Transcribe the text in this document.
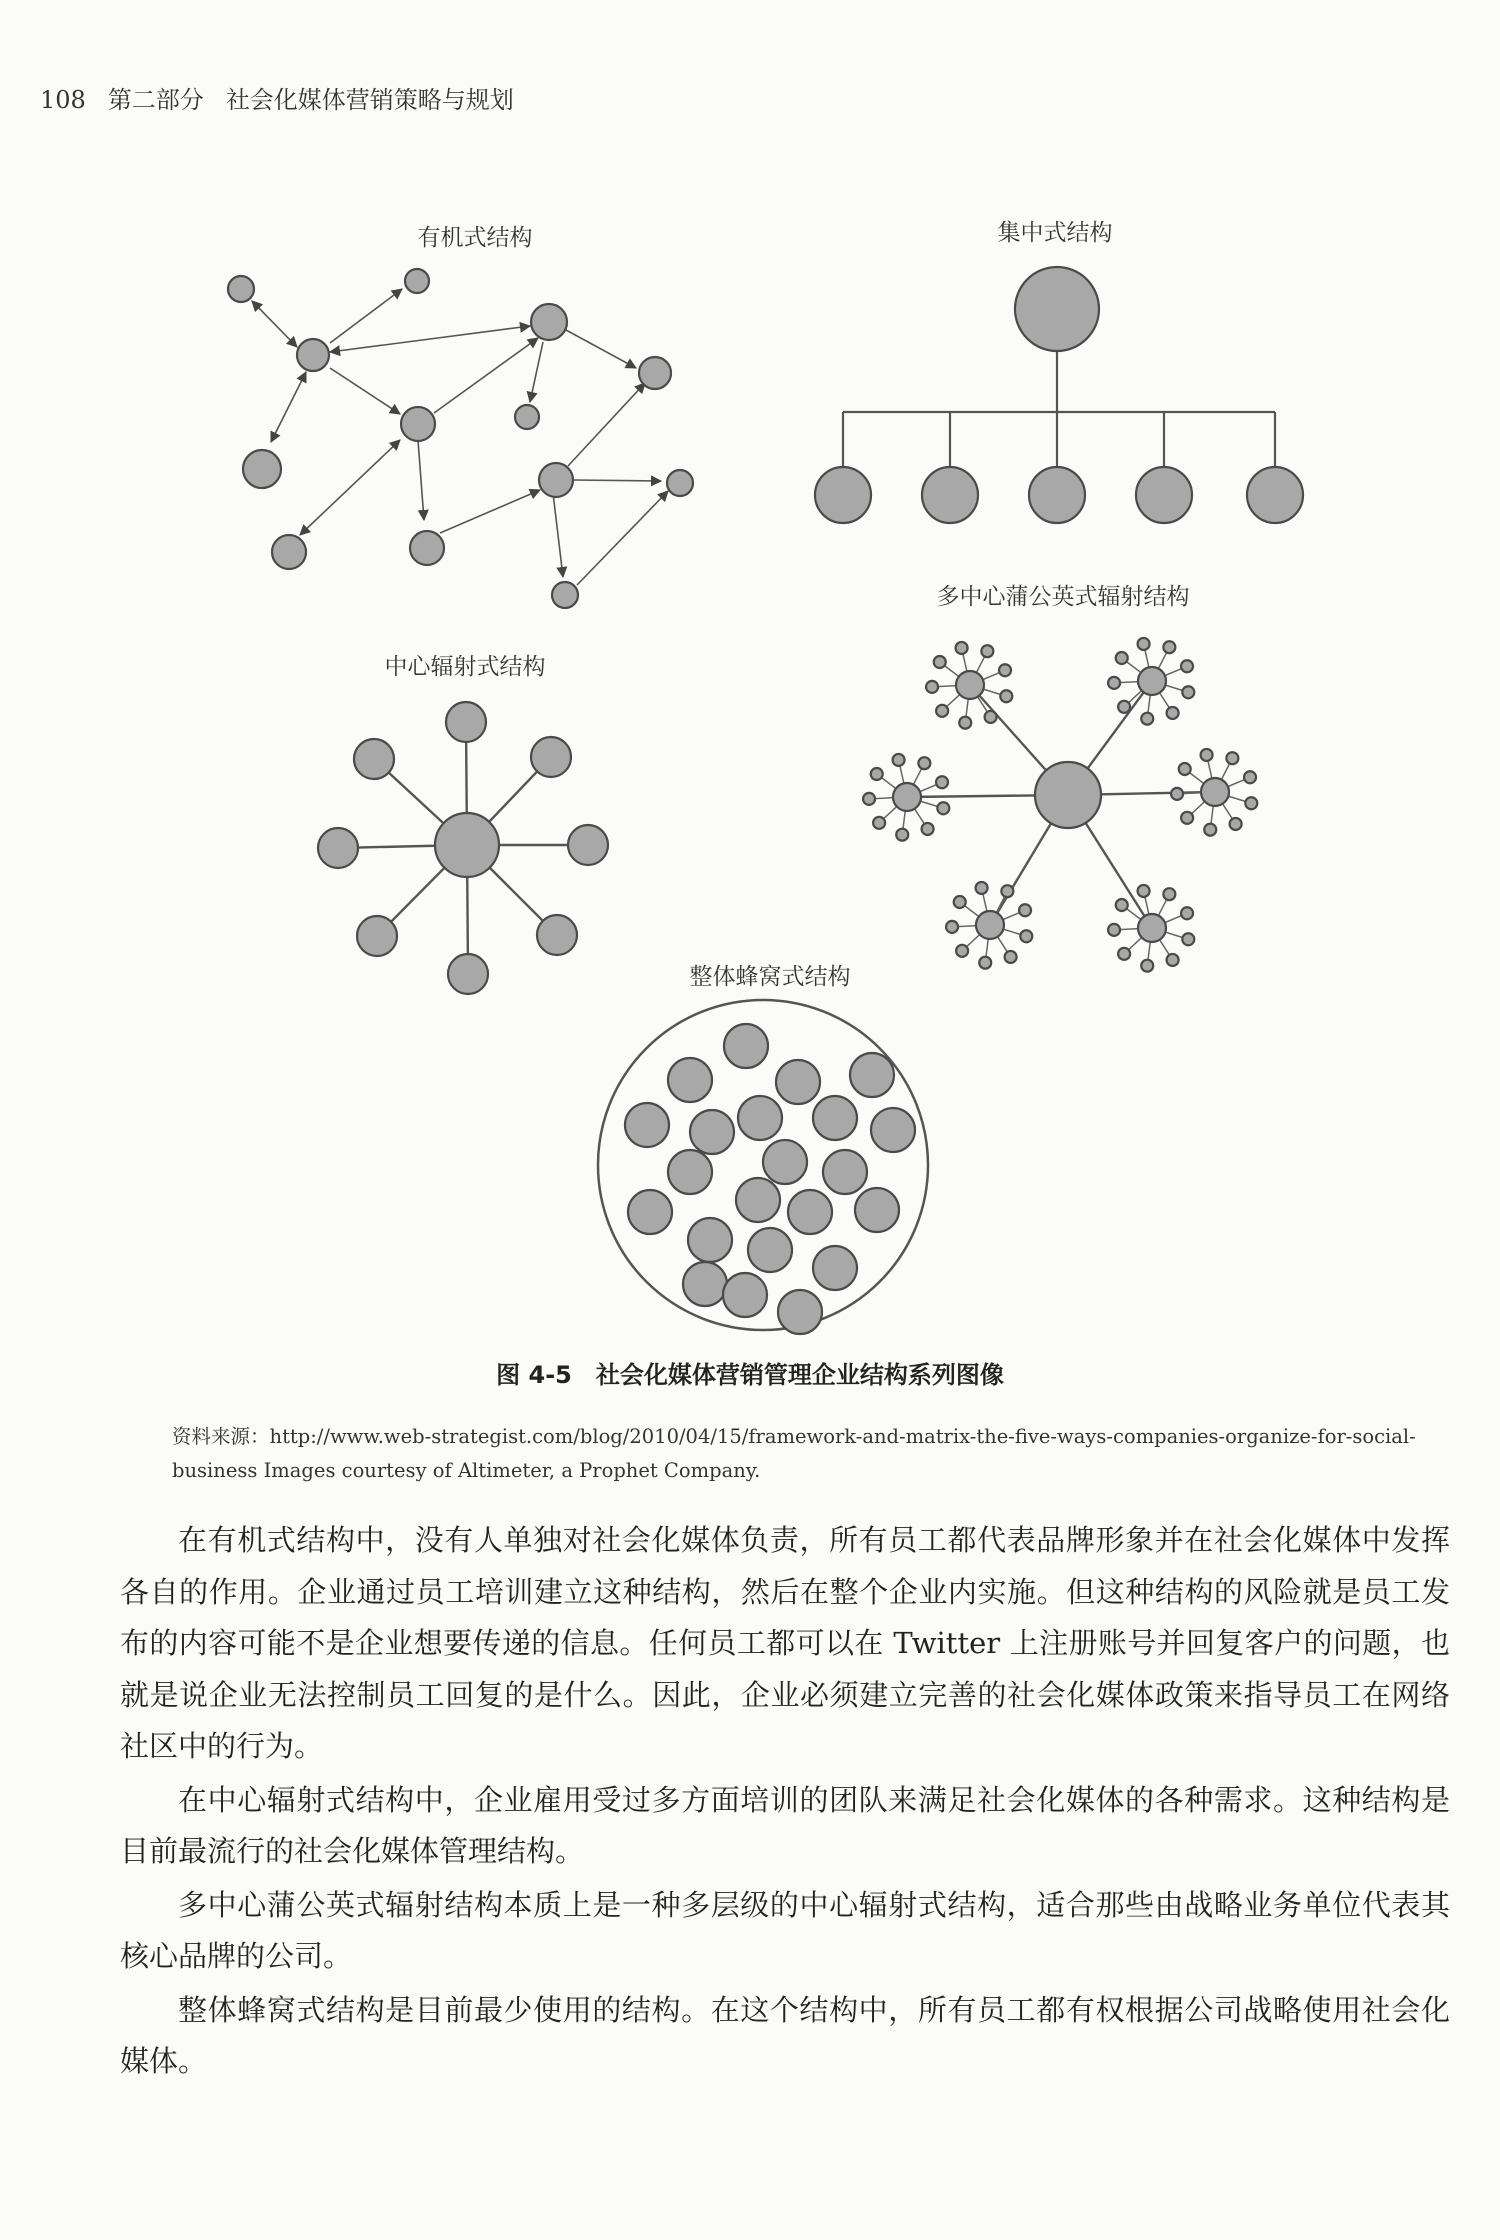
108 第二部分 社会化媒体营销策略与规划
有机式结构	集中式结构
多中心蒲公英式辐射结构
中心辐射式结构
整体蜂窝式结构
图 4-5 社会化媒体营销管理企业结构系列图像
资料来源：http://www.web-strategist.com/blog/2010/04/15/framework-and-matrix-the-five-ways-companies-organize-for-social-
business Images courtesy of Altimeter, a Prophet Company.

在有机式结构中，没有人单独对社会化媒体负责，所有员工都代表品牌形象并在社会化媒体中发挥各自的作用。企业通过员工培训建立这种结构，然后在整个企业内实施。但这种结构的风险就是员工发布的内容可能不是企业想要传递的信息。任何员工都可以在 Twitter 上注册账号并回复客户的问题，也就是说企业无法控制员工回复的是什么。因此，企业必须建立完善的社会化媒体政策来指导员工在网络社区中的行为。

在中心辐射式结构中，企业雇用受过多方面培训的团队来满足社会化媒体的各种需求。这种结构是目前最流行的社会化媒体管理结构。

多中心蒲公英式辐射结构本质上是一种多层级的中心辐射式结构，适合那些由战略业务单位代表其核心品牌的公司。

整体蜂窝式结构是目前最少使用的结构。在这个结构中，所有员工都有权根据公司战略使用社会化媒体。
